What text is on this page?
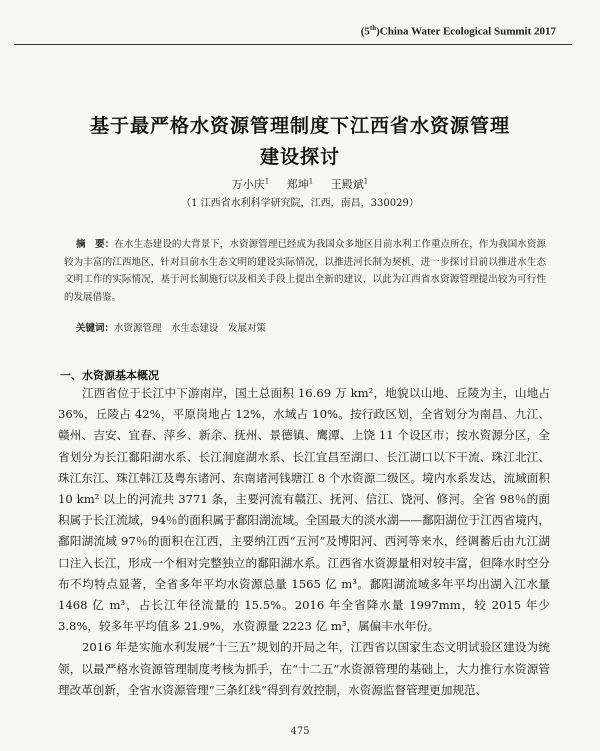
(5th)China Water Ecological Summit 2017
基于最严格水资源管理制度下江西省水资源管理
建设探讨
万小庆$^1$ 郑坤$^1$ 王殿斌$^1$
（1 江西省水利科学研究院，江西，南昌，330029）
摘　要：在水生态建设的大背景下，水资源管理已经成为我国众多地区目前水利工作重点所在，作为我国水资源较为丰富的江西地区，针对目前水生态文明的建设实际情况，以推进河长制为契机，进一步探讨目前以推进水生态文明工作的实际情况，基于河长制施行以及相关手段上提出全新的建议，以此为江西省水资源管理提出较为可行性的发展借鉴。
关键词：水资源管理　水生态建设　发展对策
一、水资源基本概况

江西省位于长江中下游南岸，国土总面积 16.69 万 km²，地貌以山地、丘陵为主，山地占 36%，丘陵占 42%，平原岗地占 12%，水域占 10%。按行政区划，全省划分为南昌、九江、赣州、吉安、宜春、萍乡、新余、抚州、景德镇、鹰潭、上饶 11 个设区市；按水资源分区，全省划分为长江鄱阳湖水系、长江洞庭湖水系、长江宜昌至湖口、长江湖口以下干流、珠江北江、珠江东江、珠江韩江及粤东诸河、东南诸河钱塘江 8 个水资源二级区。境内水系发达，流域面积 10 km² 以上的河流共 3771 条，主要河流有赣江、抚河、信江、饶河、修河。全省 98％的面积属于长江流域，94％的面积属于鄱阳湖流域。全国最大的淡水湖——鄱阳湖位于江西省境内，鄱阳湖流域 97％的面积在江西，主要纳江西“五河”及博阳河、西河等来水，经调蓄后由九江湖口注入长江，形成一个相对完整独立的鄱阳湖水系。江西省水资源量相对较丰富，但降水时空分布不均特点显著，全省多年平均水资源总量 1565 亿 m³。鄱阳湖流域多年平均出湖入江水量 1468 亿 m³，占长江年径流量的 15.5%。2016 年全省降水量 1997mm，较 2015 年少 3.8%，较多年平均值多 21.9%，水资源量 2223 亿 m³，属偏丰水年份。

2016 年是实施水利发展“十三五”规划的开局之年，江西省以国家生态文明试验区建设为统领，以最严格水资源管理制度考核为抓手，在“十二五”水资源管理的基础上，大力推行水资源管理改革创新，全省水资源管理“三条红线”得到有效控制，水资源监督管理更加规范、

475
